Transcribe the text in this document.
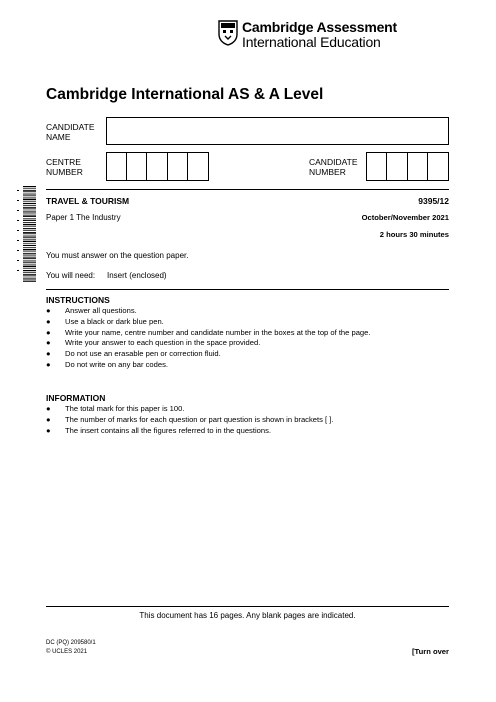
Cambridge Assessment
International Education
Cambridge International AS & A Level
CANDIDATE
NAME
CENTRE
NUMBER
CANDIDATE
NUMBER
TRAVEL & TOURISM	9395/12
Paper 1 The Industry	October/November 2021
2 hours 30 minutes
You must answer on the question paper.
You will need: Insert (enclosed)
INSTRUCTIONS
●	Answer all questions.
●	Use a black or dark blue pen.
●	Write your name, centre number and candidate number in the boxes at the top of the page.
●	Write your answer to each question in the space provided.
●	Do not use an erasable pen or correction fluid.
●	Do not write on any bar codes.
INFORMATION
●	The total mark for this paper is 100.
●	The number of marks for each question or part question is shown in brackets [ ].
●	The insert contains all the figures referred to in the questions.
This document has 16 pages. Any blank pages are indicated.
DC (PQ) 209580/1
© UCLES 2021	[Turn over
